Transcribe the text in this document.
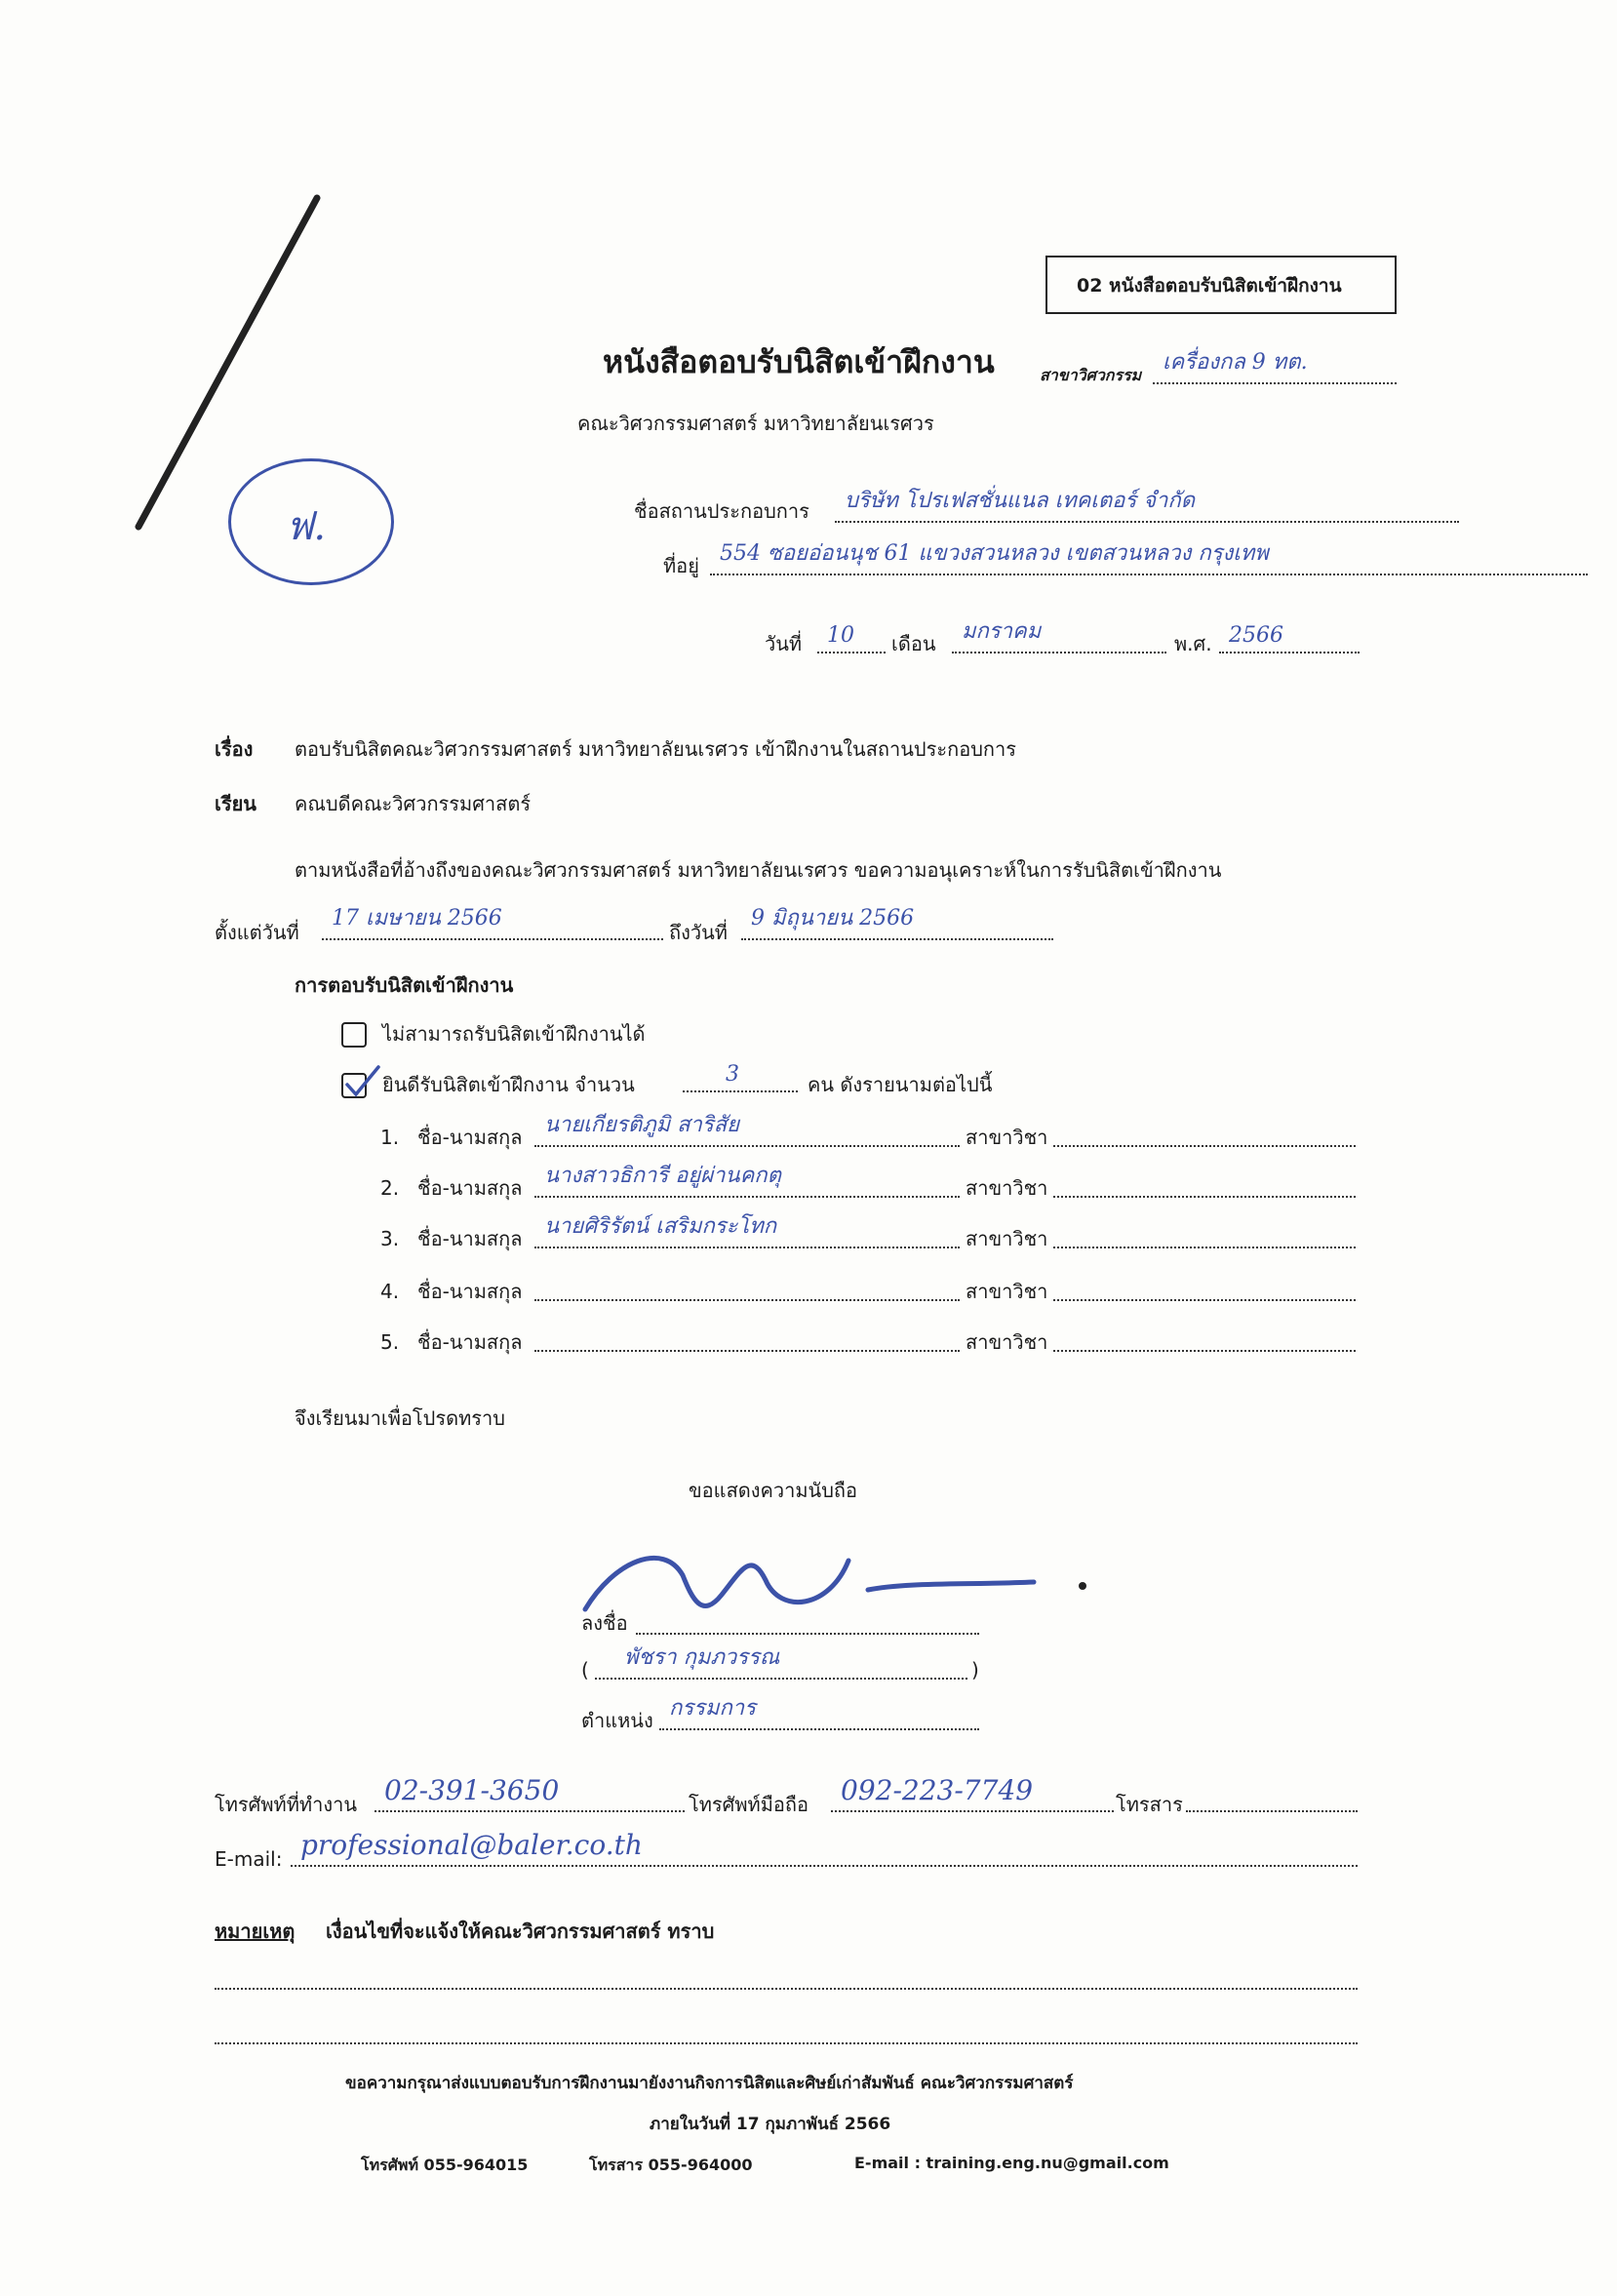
02 หนังสือตอบรับนิสิตเข้าฝึกงาน
หนังสือตอบรับนิสิตเข้าฝึกงาน	สาขาวิศวกรรม
เครื่องกล 9 ทต.
คณะวิศวกรรมศาสตร์ มหาวิทยาลัยนเรศวร
ฟ.	ชื่อสถานประกอบการ บริษัท โปรเฟสชั่นแนล เทคเตอร์ จำกัด
ที่อยู่ 554 ซอยอ่อนนุช 61 แขวงสวนหลวง เขตสวนหลวง กรุงเทพ
วันที่ 10 เดือน มกราคม	พ.ศ. 2566
เรื่อง ตอบรับนิสิตคณะวิศวกรรมศาสตร์ มหาวิทยาลัยนเรศวร เข้าฝึกงานในสถานประกอบการ
เรียน คณบดีคณะวิศวกรรมศาสตร์
ตามหนังสือที่อ้างถึงของคณะวิศวกรรมศาสตร์ มหาวิทยาลัยนเรศวร ขอความอนุเคราะห์ในการรับนิสิตเข้าฝึกงาน
ตั้งแต่วันที่
17 เมษายน 2566
ถึงวันที่
9 มิถุนายน 2566
การตอบรับนิสิตเข้าฝึกงาน
ไม่สามารถรับนิสิตเข้าฝึกงานได้
ยินดีรับนิสิตเข้าฝึกงาน จำนวน	3	คน ดังรายนามต่อไปนี้
1. ชื่อ-นามสกุล นายเกียรติภูมิ สาริสัย	สาขาวิชา
2. ชื่อ-นามสกุล นางสาวธิการี อยู่ผ่านคกตุ	สาขาวิชา
3. ชื่อ-นามสกุล นายศิริรัตน์ เสริมกระโทก	สาขาวิชา
4. ชื่อ-นามสกุล	สาขาวิชา
5. ชื่อ-นามสกุล	สาขาวิชา
จึงเรียนมาเพื่อโปรดทราบ
ขอแสดงความนับถือ
ลงชื่อ
( พัชรา กุมภวรรณ	)
ตำแหน่ง กรรมการ
โทรศัพท์ที่ทำงาน 02-391-3650	โทรศัพท์มือถือ 092-223-7749	โทรสาร
E-mail: professional@baler.co.th
หมายเหตุ เงื่อนไขที่จะแจ้งให้คณะวิศวกรรมศาสตร์ ทราบ
ขอความกรุณาส่งแบบตอบรับการฝึกงานมายังงานกิจการนิสิตและศิษย์เก่าสัมพันธ์ คณะวิศวกรรมศาสตร์
ภายในวันที่ 17 กุมภาพันธ์ 2566
โทรศัพท์ 055-964015	โทรสาร 055-964000	E-mail : training.eng.nu@gmail.com
